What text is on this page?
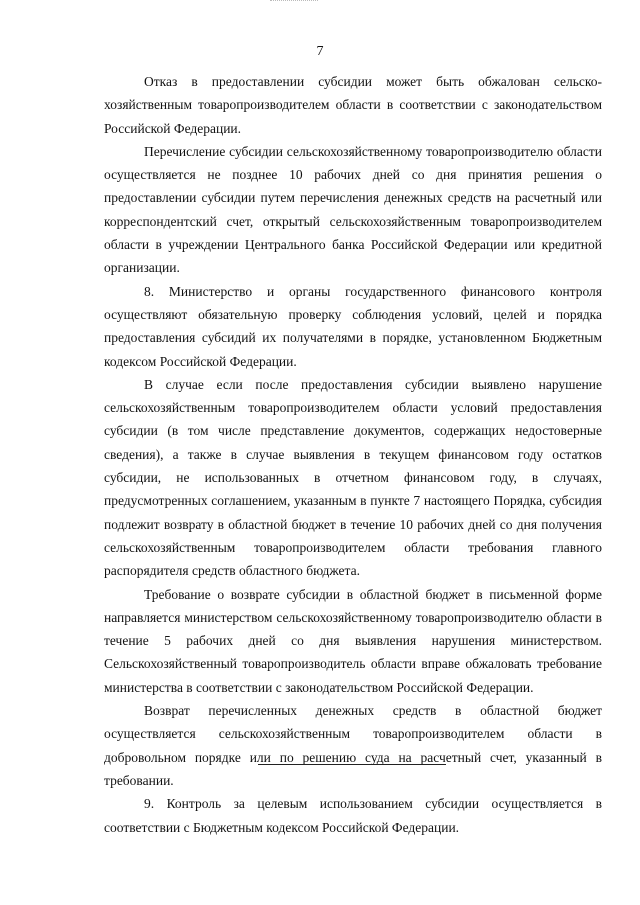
7

Отказ в предоставлении субсидии может быть обжалован сельскохозяйственным товаропроизводителем области в соответствии с законодательством Российской Федерации.

Перечисление субсидии сельскохозяйственному товаропроизводителю области осуществляется не позднее 10 рабочих дней со дня принятия решения о предоставлении субсидии путем перечисления денежных средств на расчетный или корреспондентский счет, открытый сельскохозяйственным товаропроизводителем области в учреждении Центрального банка Российской Федерации или кредитной организации.

8. Министерство и органы государственного финансового контроля осуществляют обязательную проверку соблюдения условий, целей и порядка предоставления субсидий их получателями в порядке, установленном Бюджетным кодексом Российской Федерации.

В случае если после предоставления субсидии выявлено нарушение сельскохозяйственным товаропроизводителем области условий предоставления субсидии (в том числе представление документов, содержащих недостоверные сведения), а также в случае выявления в текущем финансовом году остатков субсидии, не использованных в отчетном финансовом году, в случаях, предусмотренных соглашением, указанным в пункте 7 настоящего Порядка, субсидия подлежит возврату в областной бюджет в течение 10 рабочих дней со дня получения сельскохозяйственным товаропроизводителем области требования главного распорядителя средств областного бюджета.

Требование о возврате субсидии в областной бюджет в письменной форме направляется министерством сельскохозяйственному товаропроизводителю области в течение 5 рабочих дней со дня выявления нарушения министерством. Сельскохозяйственный товаропроизводитель области вправе обжаловать требование министерства в соответствии с законодательством Российской Федерации.

Возврат перечисленных денежных средств в областной бюджет осуществляется сельскохозяйственным товаропроизводителем области в добровольном порядке или по решению суда на расчетный счет, указанный в требовании.

9. Контроль за целевым использованием субсидии осуществляется в соответствии с Бюджетным кодексом Российской Федерации.
